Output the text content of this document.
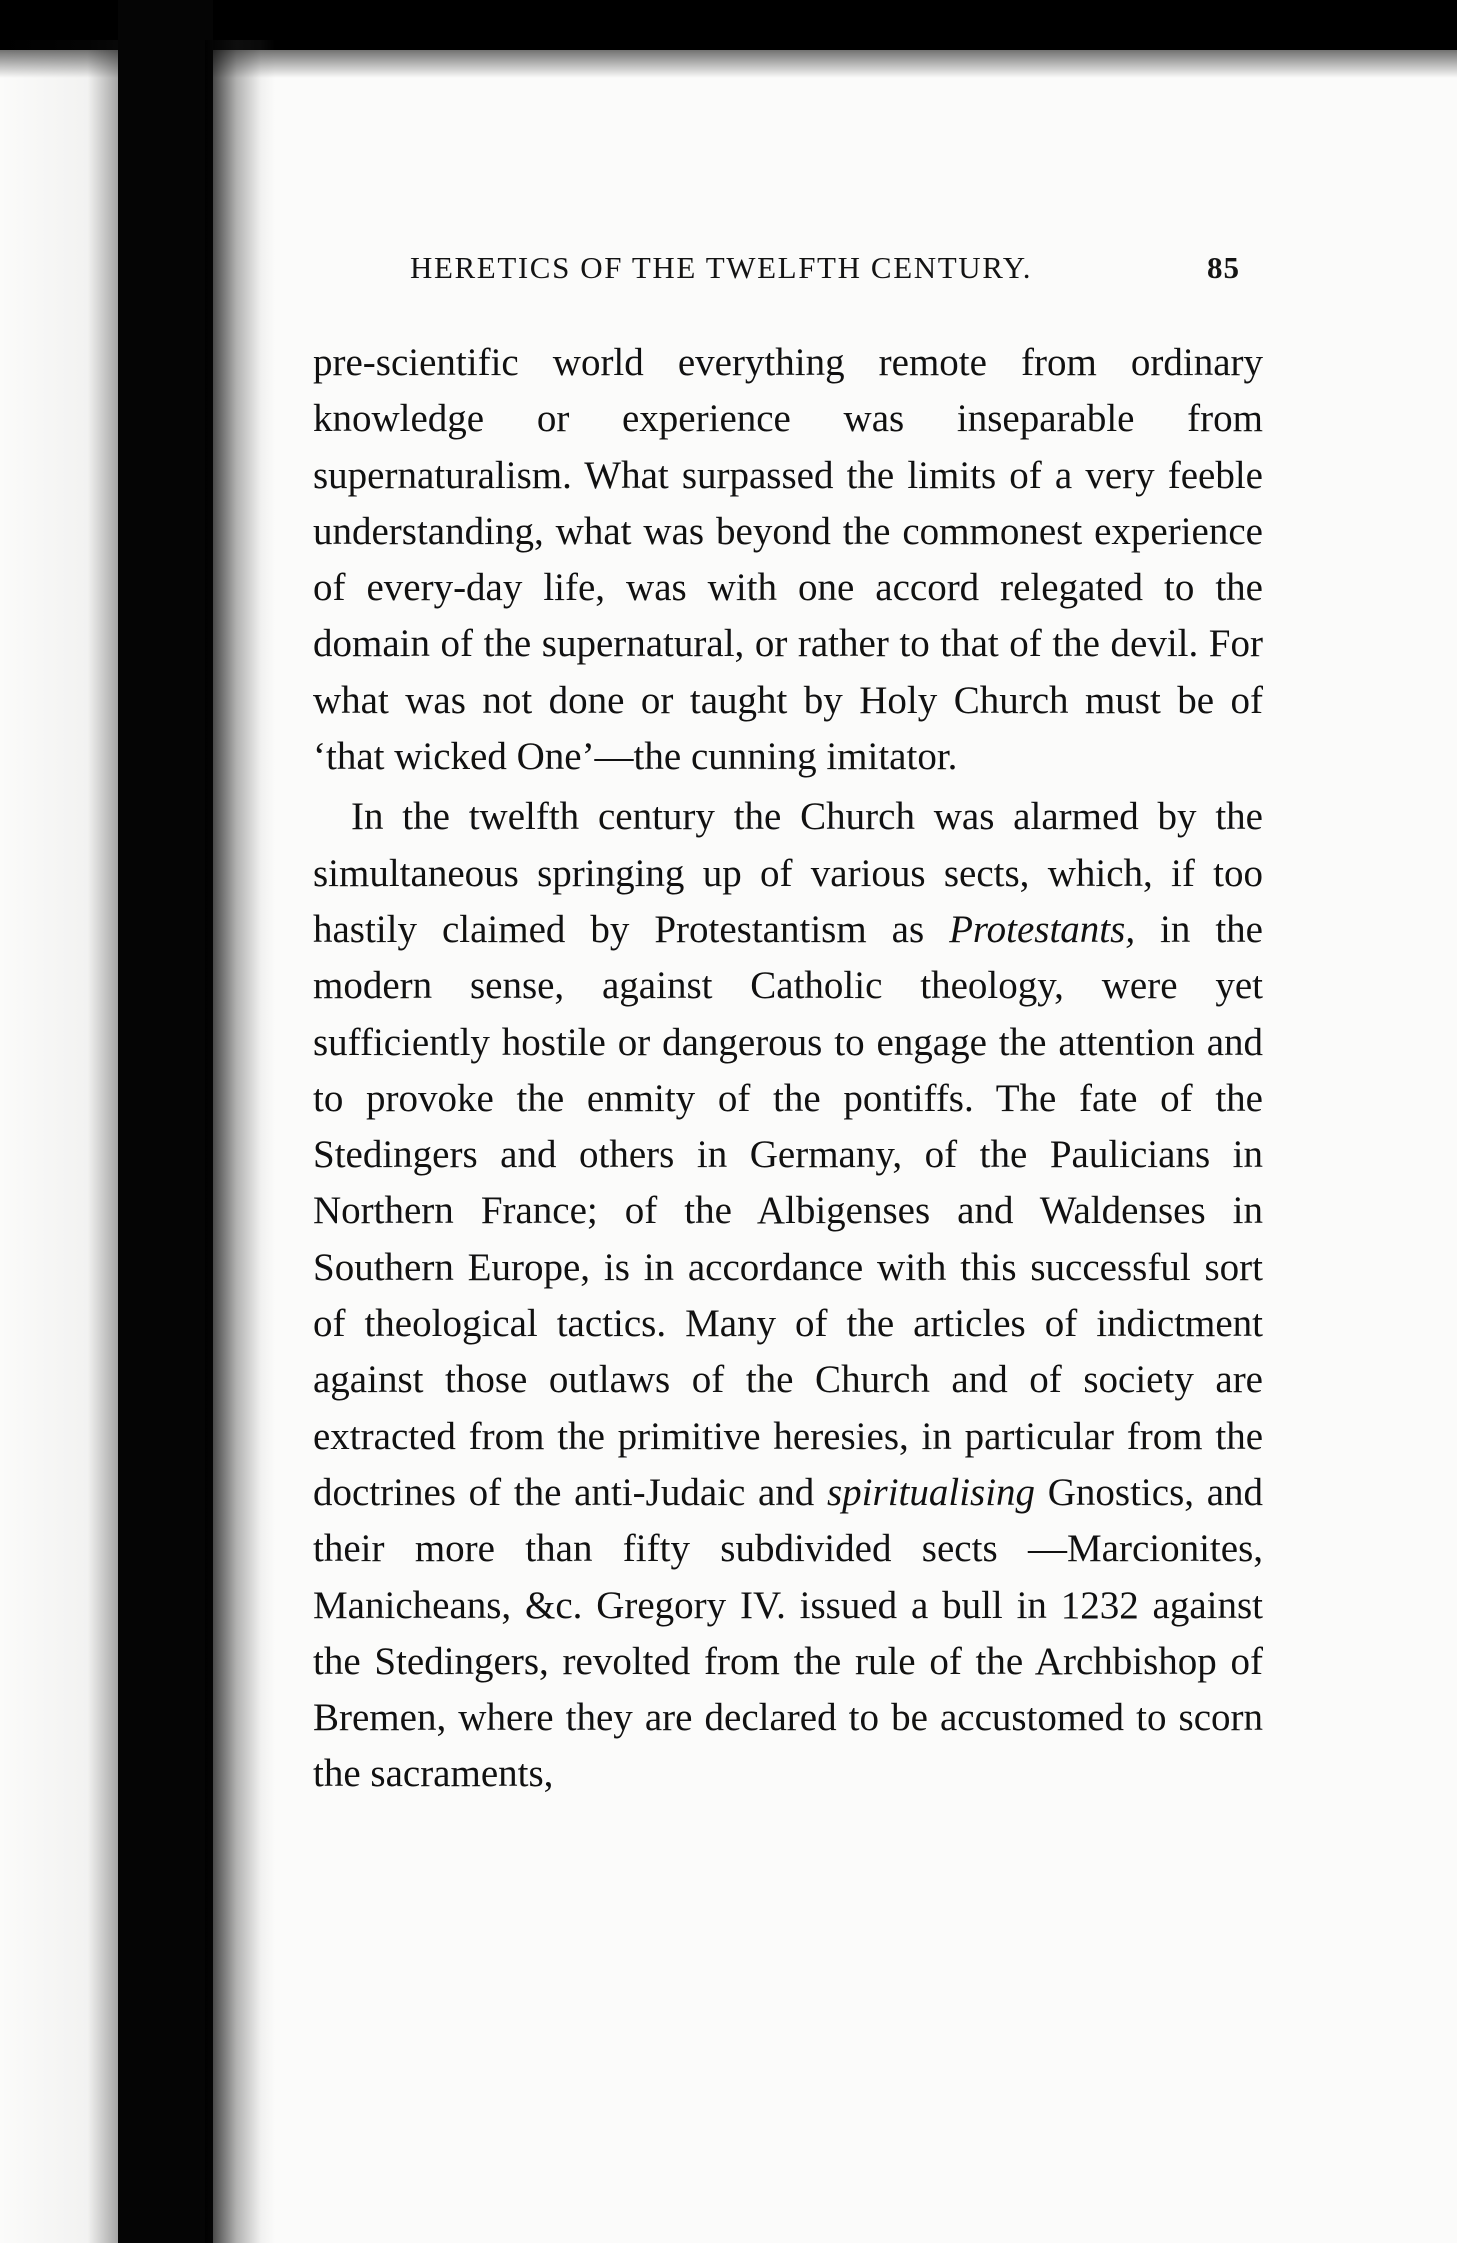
HERETICS OF THE TWELFTH CENTURY.	85

pre-scientific world everything remote from ordinary knowledge or experience was inseparable from supernaturalism. What surpassed the limits of a very feeble understanding, what was beyond the commonest experience of every-day life, was with one accord relegated to the domain of the supernatural, or rather to that of the devil. For what was not done or taught by Holy Church must be of ‘that wicked One’—the cunning imitator.

In the twelfth century the Church was alarmed by the simultaneous springing up of various sects, which, if too hastily claimed by Protestantism as Protestants, in the modern sense, against Catholic theology, were yet sufficiently hostile or dangerous to engage the attention and to provoke the enmity of the pontiffs. The fate of the Stedingers and others in Germany, of the Paulicians in Northern France; of the Albigenses and Waldenses in Southern Europe, is in accordance with this successful sort of theological tactics. Many of the articles of indictment against those outlaws of the Church and of society are extracted from the primitive heresies, in particular from the doctrines of the anti-Judaic and spiritualising Gnostics, and their more than fifty subdivided sects —Marcionites, Manicheans, &c. Gregory IV. issued a bull in 1232 against the Stedingers, revolted from the rule of the Archbishop of Bremen, where they are declared to be accustomed to scorn the sacraments,
